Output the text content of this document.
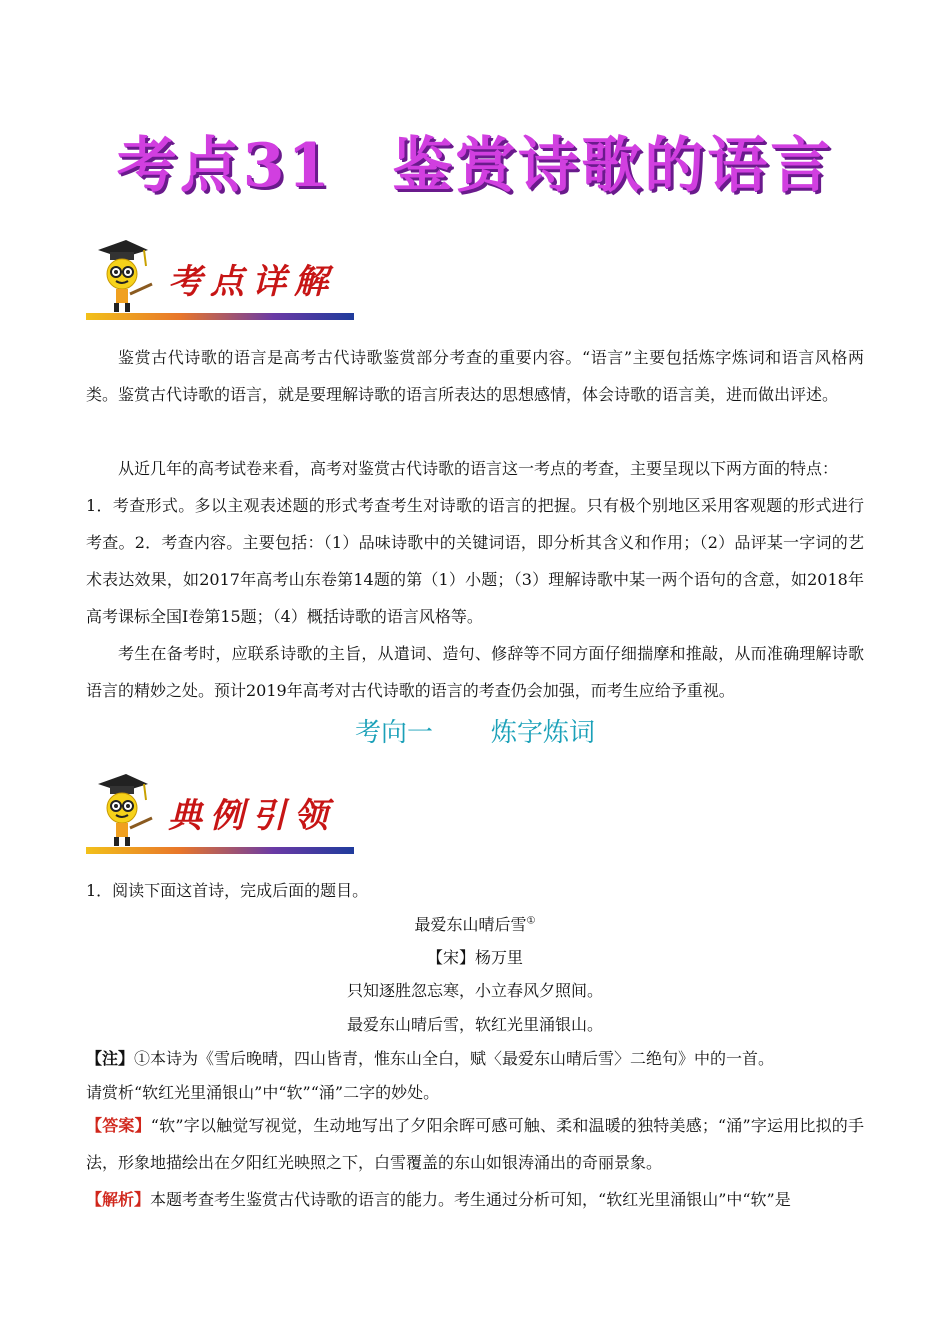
考点31 鉴赏诗歌的语言
考点详解

鉴赏古代诗歌的语言是高考古代诗歌鉴赏部分考查的重要内容。“语言”主要包括炼字炼词和语言风格两类。鉴赏古代诗歌的语言，就是要理解诗歌的语言所表达的思想感情，体会诗歌的语言美，进而做出评述。

从近几年的高考试卷来看，高考对鉴赏古代诗歌的语言这一考点的考查，主要呈现以下两方面的特点：

1．考查形式。多以主观表述题的形式考查考生对诗歌的语言的把握。只有极个别地区采用客观题的形式进行考查。2．考查内容。主要包括：（1）品味诗歌中的关键词语，即分析其含义和作用；（2）品评某一字词的艺术表达效果，如2017年高考山东卷第14题的第（1）小题；（3）理解诗歌中某一两个语句的含意，如2018年高考课标全国I卷第15题；（4）概括诗歌的语言风格等。

考生在备考时，应联系诗歌的主旨，从遣词、造句、修辞等不同方面仔细揣摩和推敲，从而准确理解诗歌语言的精妙之处。预计2019年高考对古代诗歌的语言的考查仍会加强，而考生应给予重视。

考向一 炼字炼词
典例引领

1．阅读下面这首诗，完成后面的题目。

最爱东山晴后雪①
【宋】杨万里
只知逐胜忽忘寒，小立春风夕照间。
最爱东山晴后雪，软红光里涌银山。

【注】①本诗为《雪后晚晴，四山皆青，惟东山全白，赋〈最爱东山晴后雪〉二绝句》中的一首。

请赏析“软红光里涌银山”中“软”“涌”二字的妙处。

【答案】“软”字以触觉写视觉，生动地写出了夕阳余晖可感可触、柔和温暖的独特美感；“涌”字运用比拟的手法，形象地描绘出在夕阳红光映照之下，白雪覆盖的东山如银涛涌出的奇丽景象。

【解析】本题考查考生鉴赏古代诗歌的语言的能力。考生通过分析可知，“软红光里涌银山”中“软”是
